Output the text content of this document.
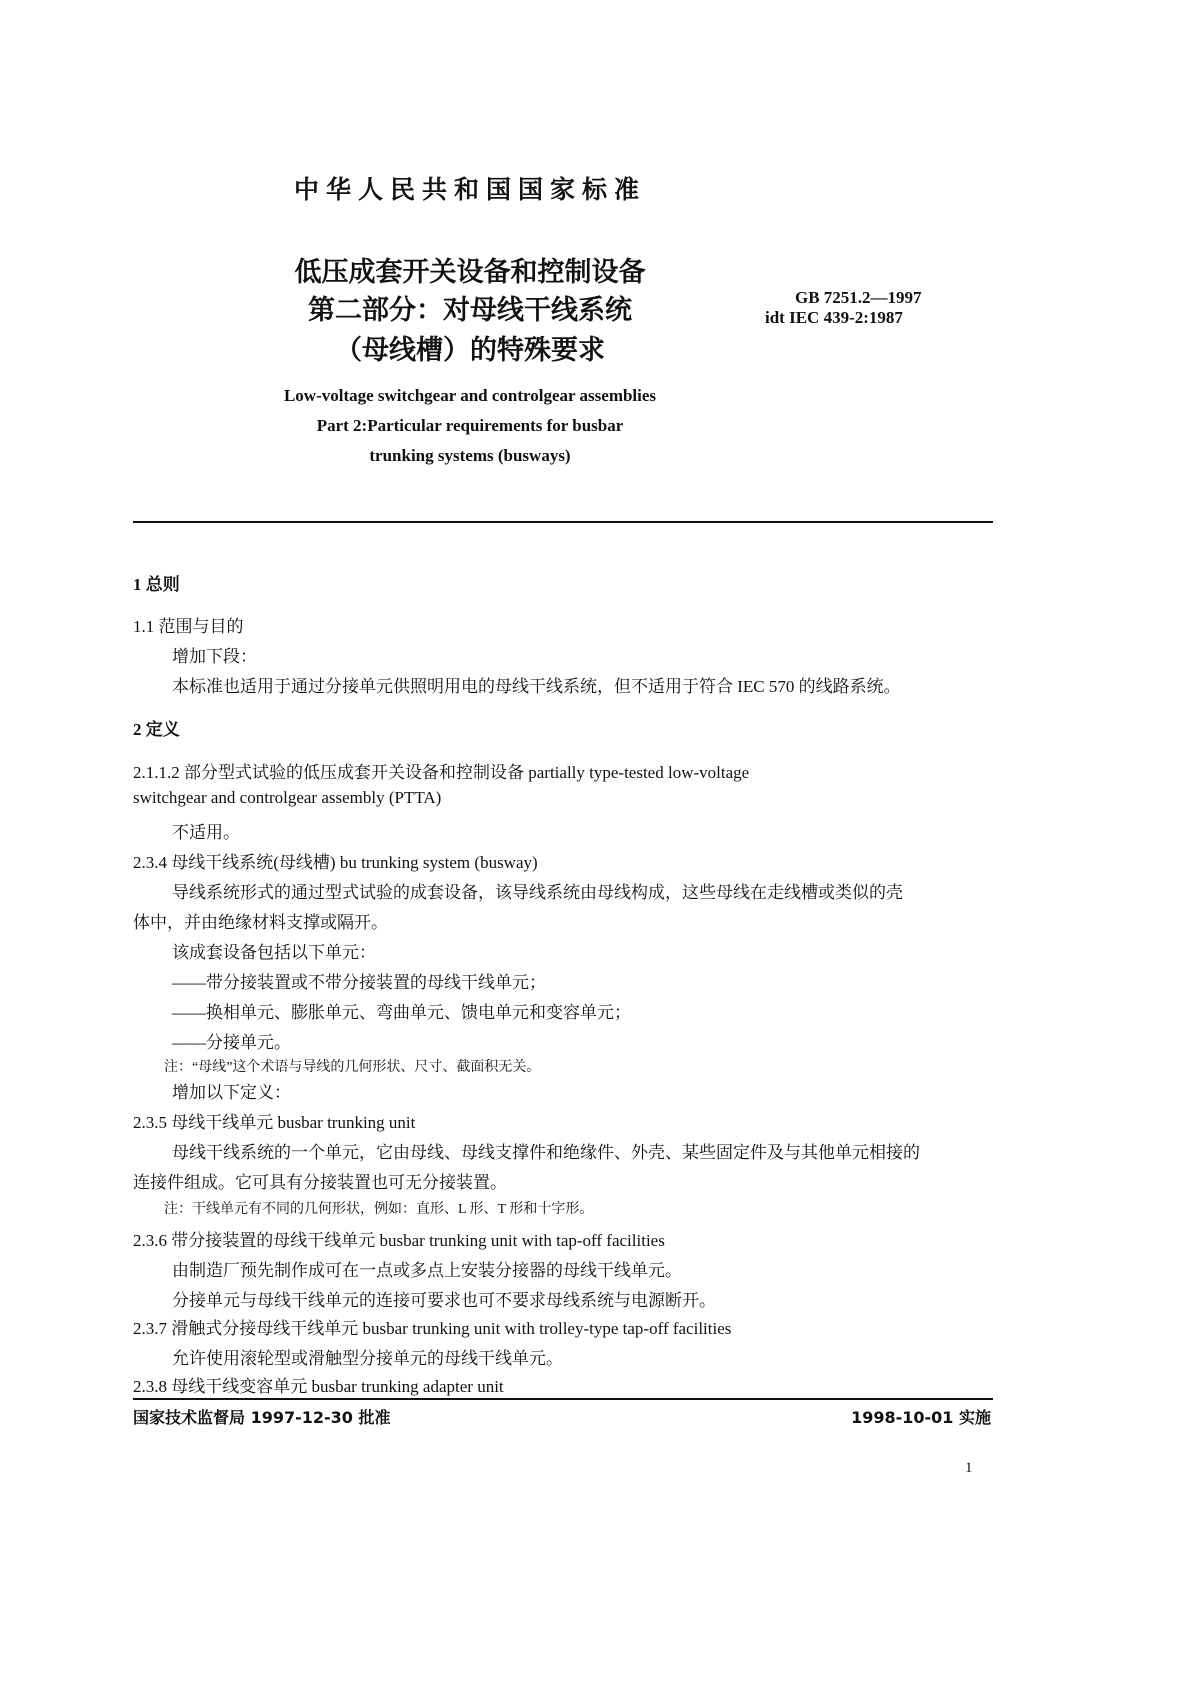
中华人民共和国国家标准
低压成套开关设备和控制设备
第二部分：对母线干线系统
（母线槽）的特殊要求
GB 7251.2—1997
idt IEC 439-2:1987
Low-voltage switchgear and controlgear assemblies
Part 2:Particular requirements for busbar
trunking systems (busways)
1 总则
1.1 范围与目的
增加下段：
本标准也适用于通过分接单元供照明用电的母线干线系统，但不适用于符合 IEC 570 的线路系统。
2 定义
2.1.1.2 部分型式试验的低压成套开关设备和控制设备 partially type-tested low-voltage
switchgear and controlgear assembly (PTTA)
不适用。
2.3.4 母线干线系统(母线槽) bu trunking system (busway)
导线系统形式的通过型式试验的成套设备，该导线系统由母线构成，这些母线在走线槽或类似的壳
体中，并由绝缘材料支撑或隔开。
该成套设备包括以下单元：
——带分接装置或不带分接装置的母线干线单元；
——换相单元、膨胀单元、弯曲单元、馈电单元和变容单元；
——分接单元。
注：“母线”这个术语与导线的几何形状、尺寸、截面积无关。
增加以下定义：
2.3.5 母线干线单元 busbar trunking unit
母线干线系统的一个单元，它由母线、母线支撑件和绝缘件、外壳、某些固定件及与其他单元相接的
连接件组成。它可具有分接装置也可无分接装置。
注：干线单元有不同的几何形状，例如：直形、L 形、T 形和十字形。
2.3.6 带分接装置的母线干线单元 busbar trunking unit with tap-off facilities
由制造厂预先制作成可在一点或多点上安装分接器的母线干线单元。
分接单元与母线干线单元的连接可要求也可不要求母线系统与电源断开。
2.3.7 滑触式分接母线干线单元 busbar trunking unit with trolley-type tap-off facilities
允许使用滚轮型或滑触型分接单元的母线干线单元。
2.3.8 母线干线变容单元 busbar trunking adapter unit
国家技术监督局 1997-12-30 批准	1998-10-01 实施
1
